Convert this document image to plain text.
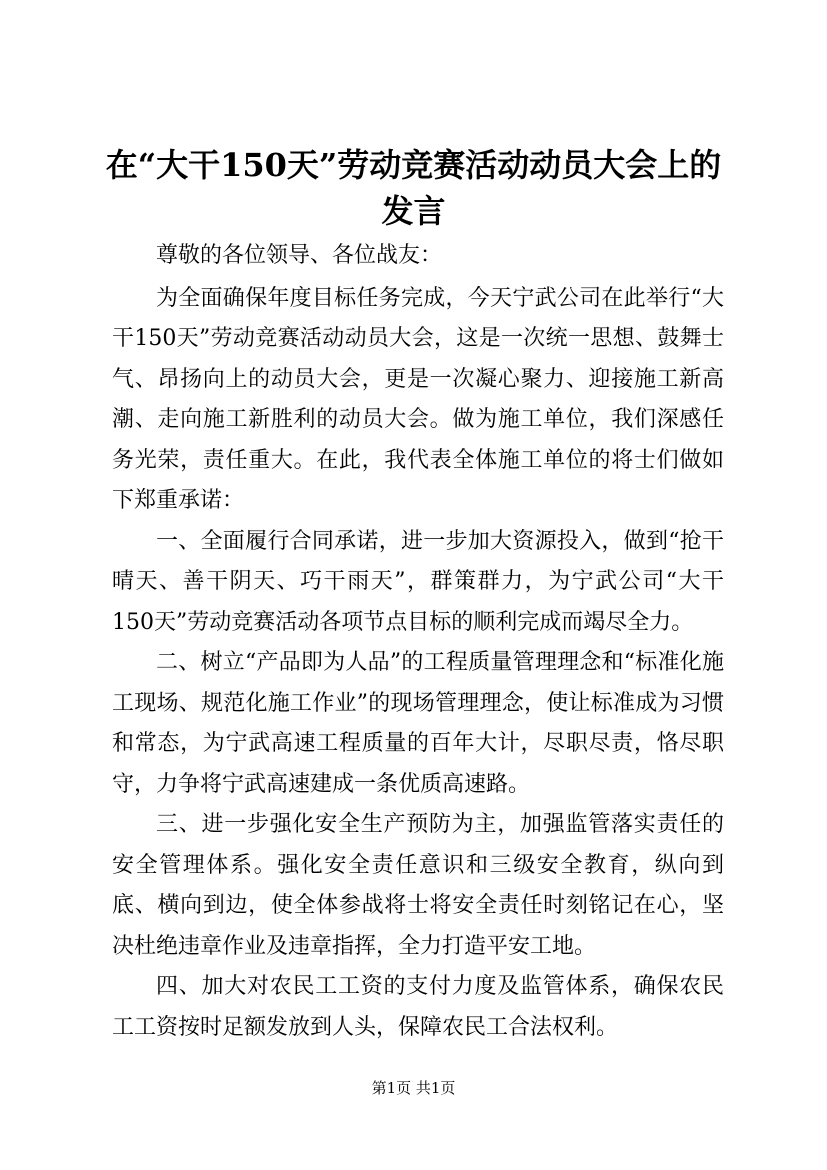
在“大干150天”劳动竞赛活动动员大会上的发言

尊敬的各位领导、各位战友：

为全面确保年度目标任务完成，今天宁武公司在此举行“大干150天”劳动竞赛活动动员大会，这是一次统一思想、鼓舞士气、昂扬向上的动员大会，更是一次凝心聚力、迎接施工新高潮、走向施工新胜利的动员大会。做为施工单位，我们深感任务光荣，责任重大。在此，我代表全体施工单位的将士们做如下郑重承诺：

一、全面履行合同承诺，进一步加大资源投入，做到“抢干晴天、善干阴天、巧干雨天”，群策群力，为宁武公司“大干150天”劳动竞赛活动各项节点目标的顺利完成而竭尽全力。

二、树立“产品即为人品”的工程质量管理理念和“标准化施工现场、规范化施工作业”的现场管理理念，使让标准成为习惯和常态，为宁武高速工程质量的百年大计，尽职尽责，恪尽职守，力争将宁武高速建成一条优质高速路。

三、进一步强化安全生产预防为主，加强监管落实责任的安全管理体系。强化安全责任意识和三级安全教育，纵向到底、横向到边，使全体参战将士将安全责任时刻铭记在心，坚决杜绝违章作业及违章指挥，全力打造平安工地。

四、加大对农民工工资的支付力度及监管体系，确保农民工工资按时足额发放到人头，保障农民工合法权利。

第1页 共1页
